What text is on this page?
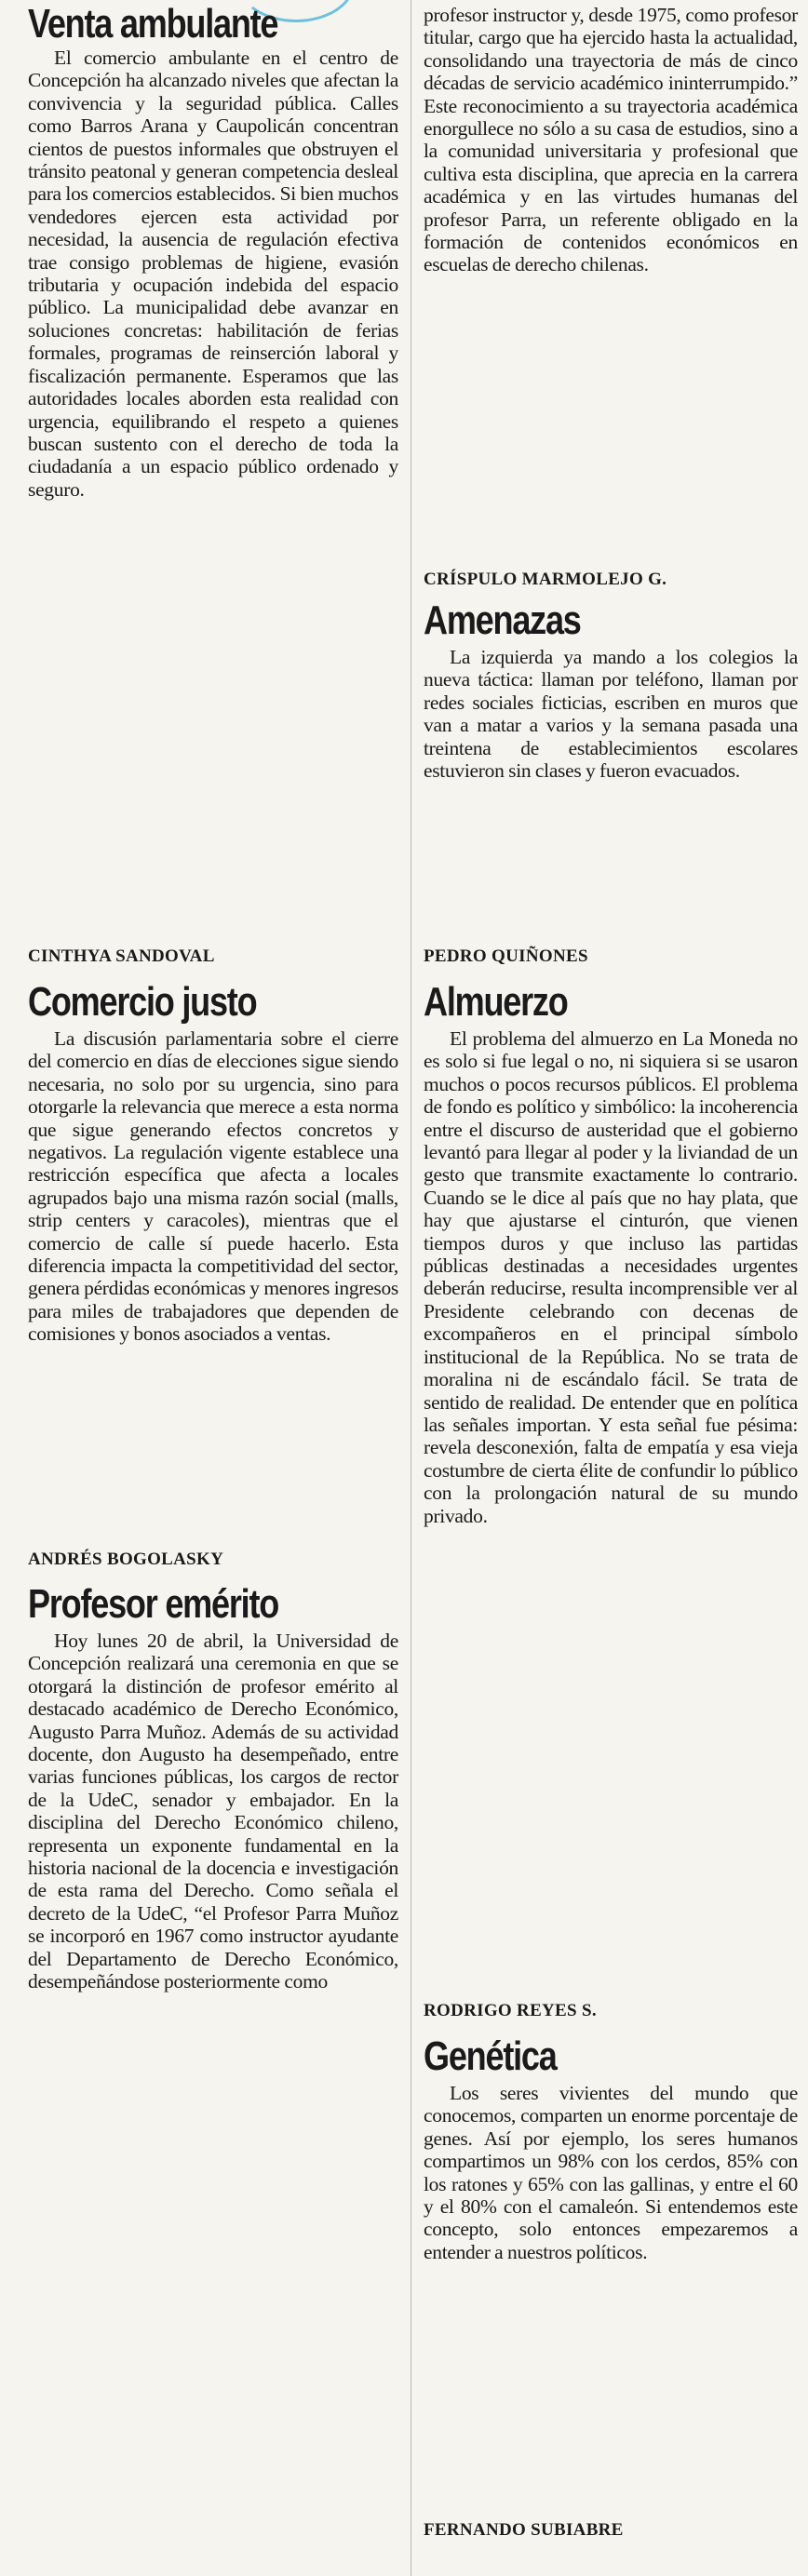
Venta ambulante

El comercio ambulante en el centro de Concepción ha alcanzado niveles que afectan la convivencia y la seguridad pública. Calles como Barros Arana y Caupolicán concentran cientos de puestos informales que obstruyen el tránsito peatonal y generan competencia desleal para los comercios establecidos. Si bien muchos vendedores ejercen esta actividad por necesidad, la ausencia de regulación efectiva trae consigo problemas de higiene, evasión tributaria y ocupación indebida del espacio público. La municipalidad debe avanzar en soluciones concretas: habilitación de ferias formales, programas de reinserción laboral y fiscalización permanente. Esperamos que las autoridades locales aborden esta realidad con urgencia, equilibrando el respeto a quienes buscan sustento con el derecho de toda la ciudadanía a un espacio público ordenado y seguro.

CINTHYA SANDOVAL

Comercio justo

La discusión parlamentaria sobre el cierre del comercio en días de elecciones sigue siendo necesaria, no solo por su urgencia, sino para otorgarle la relevancia que merece a esta norma que sigue generando efectos concretos y negativos. La regulación vigente establece una restricción específica que afecta a locales agrupados bajo una misma razón social (malls, strip centers y caracoles), mientras que el comercio de calle sí puede hacerlo. Esta diferencia impacta la competitividad del sector, genera pérdidas económicas y menores ingresos para miles de trabajadores que dependen de comisiones y bonos asociados a ventas.

ANDRÉS BOGOLASKY

Profesor emérito

Hoy lunes 20 de abril, la Universidad de Concepción realizará una ceremonia en que se otorgará la distinción de profesor emérito al destacado académico de Derecho Económico, Augusto Parra Muñoz. Además de su actividad docente, don Augusto ha desempeñado, entre varias funciones públicas, los cargos de rector de la UdeC, senador y embajador. En la disciplina del Derecho Económico chileno, representa un exponente fundamental en la historia nacional de la docencia e investigación de esta rama del Derecho. Como señala el decreto de la UdeC, “el Profesor Parra Muñoz se incorporó en 1967 como instructor ayudante del Departamento de Derecho Económico, desempeñándose posteriormente como

profesor instructor y, desde 1975, como profesor titular, cargo que ha ejercido hasta la actualidad, consolidando una trayectoria de más de cinco décadas de servicio académico ininterrumpido.” Este reconocimiento a su trayectoria académica enorgullece no sólo a su casa de estudios, sino a la comunidad universitaria y profesional que cultiva esta disciplina, que aprecia en la carrera académica y en las virtudes humanas del profesor Parra, un referente obligado en la formación de contenidos económicos en escuelas de derecho chilenas.

CRÍSPULO MARMOLEJO G.

Amenazas

La izquierda ya mando a los colegios la nueva táctica: llaman por teléfono, llaman por redes sociales ficticias, escriben en muros que van a matar a varios y la semana pasada una treintena de establecimientos escolares estuvieron sin clases y fueron evacuados.

PEDRO QUIÑONES

Almuerzo

El problema del almuerzo en La Moneda no es solo si fue legal o no, ni siquiera si se usaron muchos o pocos recursos públicos. El problema de fondo es político y simbólico: la incoherencia entre el discurso de austeridad que el gobierno levantó para llegar al poder y la liviandad de un gesto que transmite exactamente lo contrario. Cuando se le dice al país que no hay plata, que hay que ajustarse el cinturón, que vienen tiempos duros y que incluso las partidas públicas destinadas a necesidades urgentes deberán reducirse, resulta incomprensible ver al Presidente celebrando con decenas de excompañeros en el principal símbolo institucional de la República. No se trata de moralina ni de escándalo fácil. Se trata de sentido de realidad. De entender que en política las señales importan. Y esta señal fue pésima: revela desconexión, falta de empatía y esa vieja costumbre de cierta élite de confundir lo público con la prolongación natural de su mundo privado.

RODRIGO REYES S.

Genética

Los seres vivientes del mundo que conocemos, comparten un enorme porcentaje de genes. Así por ejemplo, los seres humanos compartimos un 98% con los cerdos, 85% con los ratones y 65% con las gallinas, y entre el 60 y el 80% con el camaleón. Si entendemos este concepto, solo entonces empezaremos a entender a nuestros políticos.

FERNANDO SUBIABRE
